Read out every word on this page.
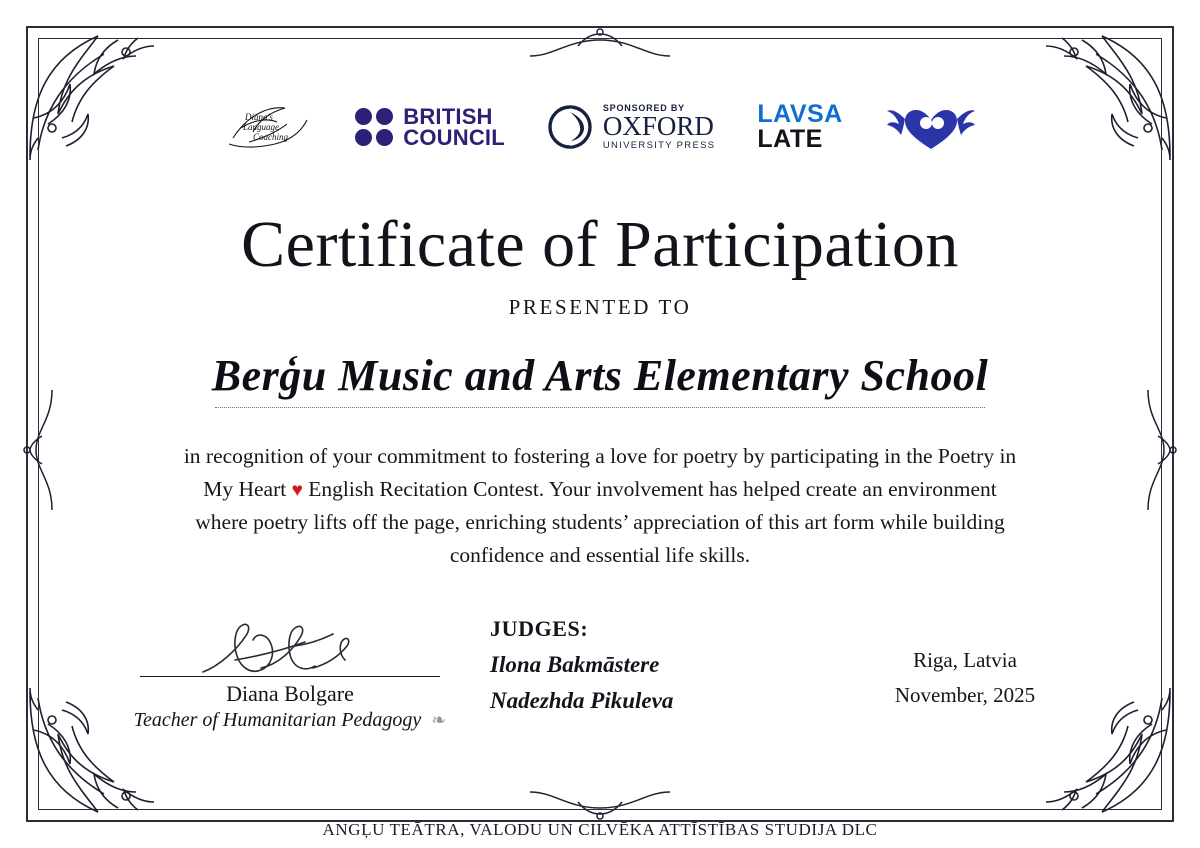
Diana's
Language
Coaching
BRITISH
COUNCIL
SPONSORED BY
OXFORD
UNIVERSITY PRESS
LAVSA
LATE
Certificate of Participation
PRESENTED TO
Berģu Music and Arts Elementary School
in recognition of your commitment to fostering a love for poetry by participating in the Poetry in My Heart ♥ English Recitation Contest. Your involvement has helped create an environment where poetry lifts off the page, enriching students’ appreciation of this art form while building confidence and essential life skills.
Diana Bolgare
Teacher of Humanitarian Pedagogy ❧
JUDGES:
Ilona Bakmāstere
Nadezhda Pikuleva
Riga, Latvia
November, 2025
ANGĻU TEĀTRA, VALODU UN CILVĒKA ATTĪSTĪBAS STUDIJA DLC
